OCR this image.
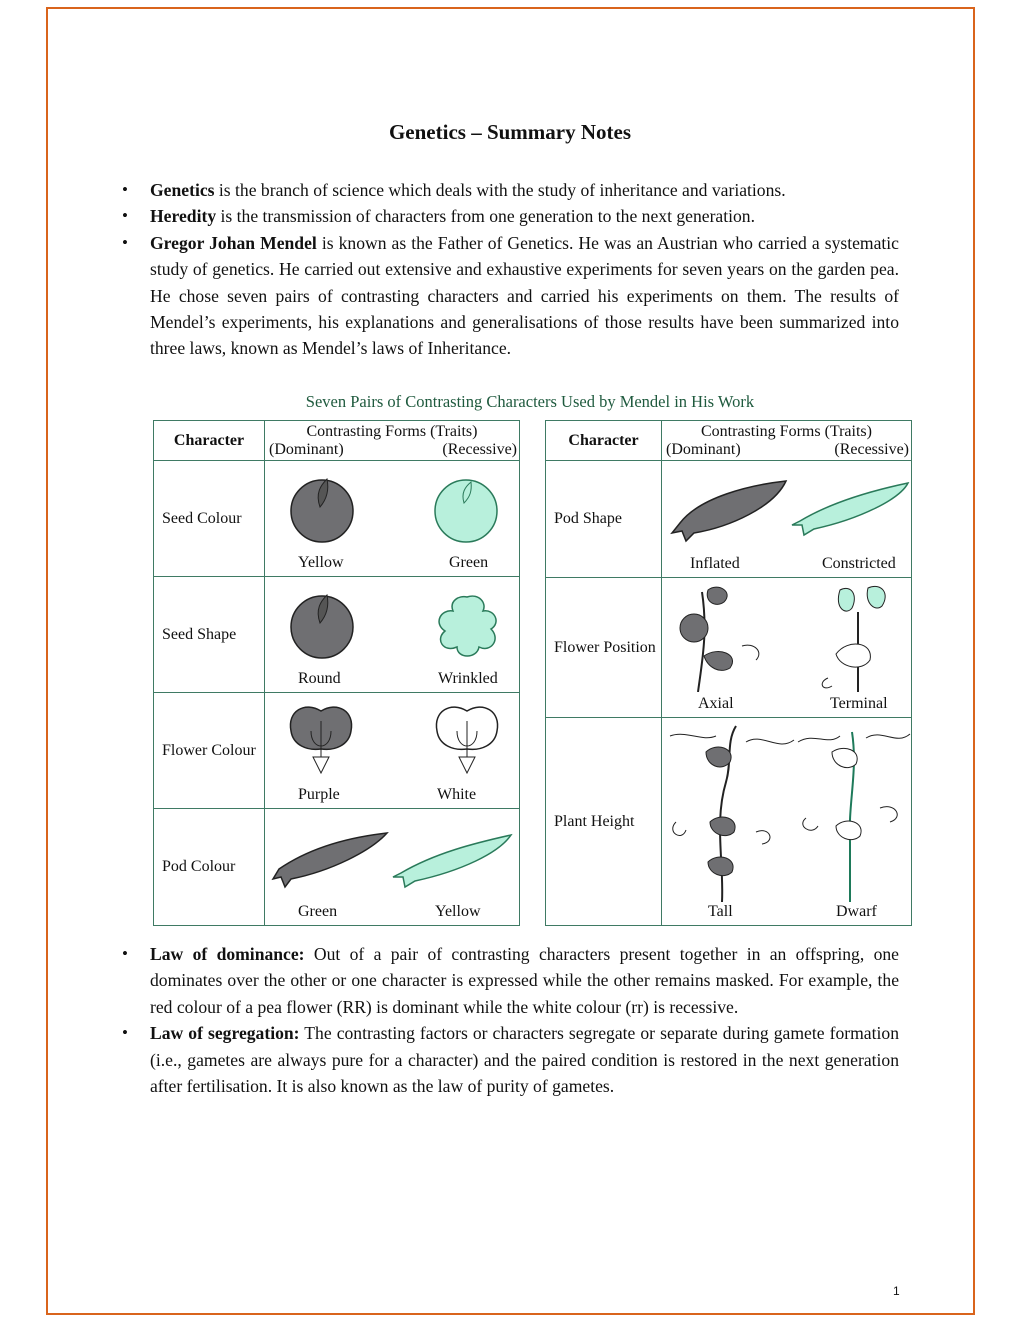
Genetics – Summary Notes

• Genetics is the branch of science which deals with the study of inheritance and variations.

• Heredity is the transmission of characters from one generation to the next generation.

• Gregor Johan Mendel is known as the Father of Genetics. He was an Austrian who carried a systematic study of genetics. He carried out extensive and exhaustive experiments for seven years on the garden pea. He chose seven pairs of contrasting characters and carried his experiments on them. The results of Mendel’s experiments, his explanations and generalisations of those results have been summarized into three laws, known as Mendel’s laws of Inheritance.

Seven Pairs of Contrasting Characters Used by Mendel in His Work
Character	Contrasting Forms (Traits)
(Dominant) (Recessive)

Seed Colour	Yellow Green

Seed Shape	Round Wrinkled

Flower Colour	Purple White

Pod Colour	Green Yellow
Character	Contrasting Forms (Traits)
(Dominant) (Recessive)

Pod Shape	Inflated Constricted

Flower Position	Axial Terminal

Plant Height	Tall Dwarf

• Law of dominance: Out of a pair of contrasting characters present together in an offspring, one dominates over the other or one character is expressed while the other remains masked. For example, the red colour of a pea flower (RR) is dominant while the white colour (rr) is recessive.

• Law of segregation: The contrasting factors or characters segregate or separate during gamete formation (i.e., gametes are always pure for a character) and the paired condition is restored in the next generation after fertilisation. It is also known as the law of purity of gametes.

1
